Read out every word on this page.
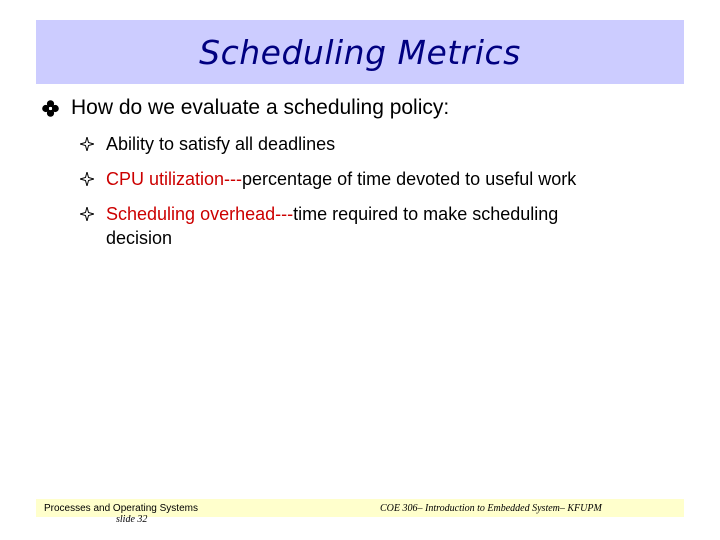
Scheduling Metrics
How do we evaluate a scheduling policy:
Ability to satisfy all deadlines
CPU utilization---percentage of time devoted to useful work
Scheduling overhead---time required to make scheduling decision
Processes and Operating Systems
slide 32
COE 306– Introduction to Embedded System– KFUPM
